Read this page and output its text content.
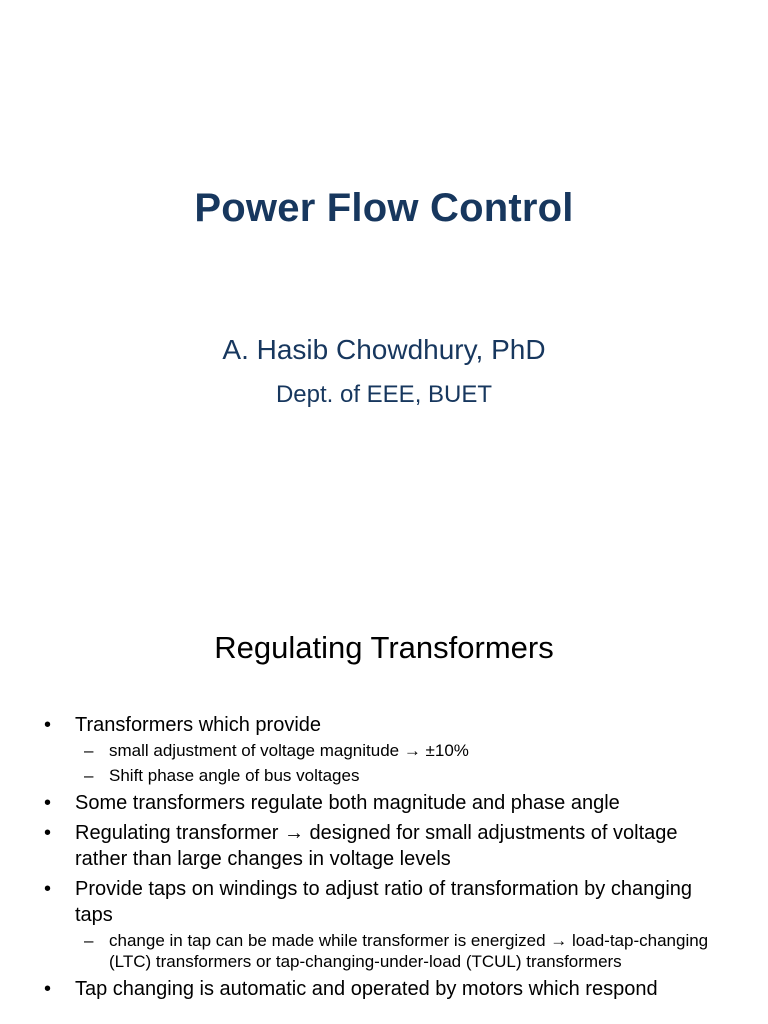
Power Flow Control
A. Hasib Chowdhury, PhD
Dept. of EEE, BUET
Regulating Transformers
• Transformers which provide
– small adjustment of voltage magnitude → ±10%
– Shift phase angle of bus voltages
• Some transformers regulate both magnitude and phase angle
• Regulating transformer → designed for small adjustments of voltage rather than large changes in voltage levels
• Provide taps on windings to adjust ratio of transformation by changing taps
– change in tap can be made while transformer is energized → load-tap-changing (LTC) transformers or tap-changing-under-load (TCUL) transformers
• Tap changing is automatic and operated by motors which respond
